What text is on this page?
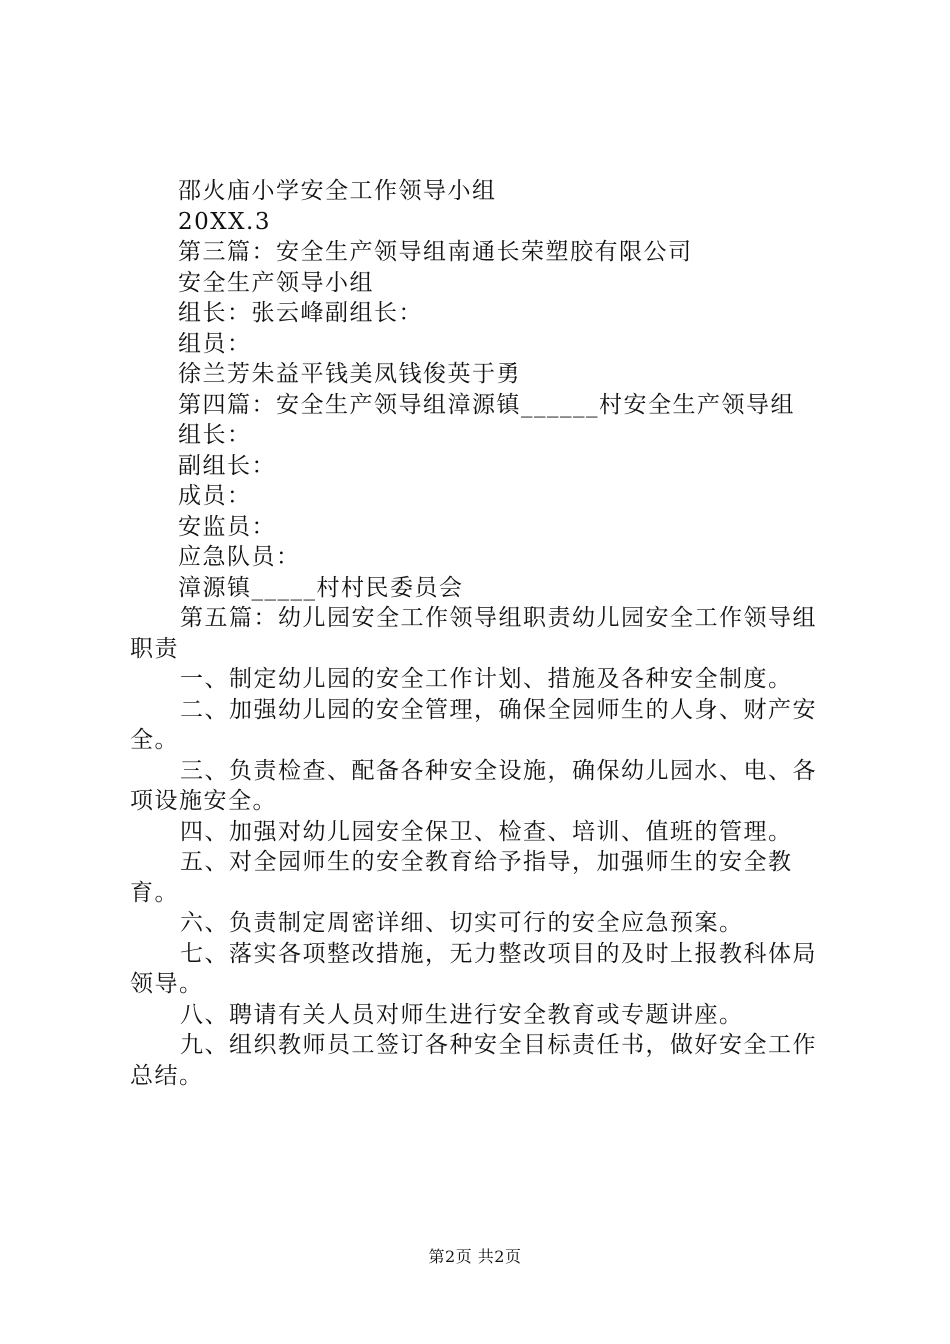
邵火庙小学安全工作领导小组

20XX.3

第三篇：安全生产领导组南通长荣塑胶有限公司

安全生产领导小组

组长：张云峰副组长：

组员：

徐兰芳朱益平钱美凤钱俊英于勇

第四篇：安全生产领导组漳源镇______村安全生产领导组

组长：

副组长：

成员：

安监员：

应急队员：

漳源镇_____村村民委员会

第五篇：幼儿园安全工作领导组职责幼儿园安全工作领导组职责

一、制定幼儿园的安全工作计划、措施及各种安全制度。

二、加强幼儿园的安全管理，确保全园师生的人身、财产安全。

三、负责检查、配备各种安全设施，确保幼儿园水、电、各项设施安全。

四、加强对幼儿园安全保卫、检查、培训、值班的管理。

五、对全园师生的安全教育给予指导，加强师生的安全教育。

六、负责制定周密详细、切实可行的安全应急预案。

七、落实各项整改措施，无力整改项目的及时上报教科体局领导。

八、聘请有关人员对师生进行安全教育或专题讲座。

九、组织教师员工签订各种安全目标责任书，做好安全工作总结。

第2页 共2页
